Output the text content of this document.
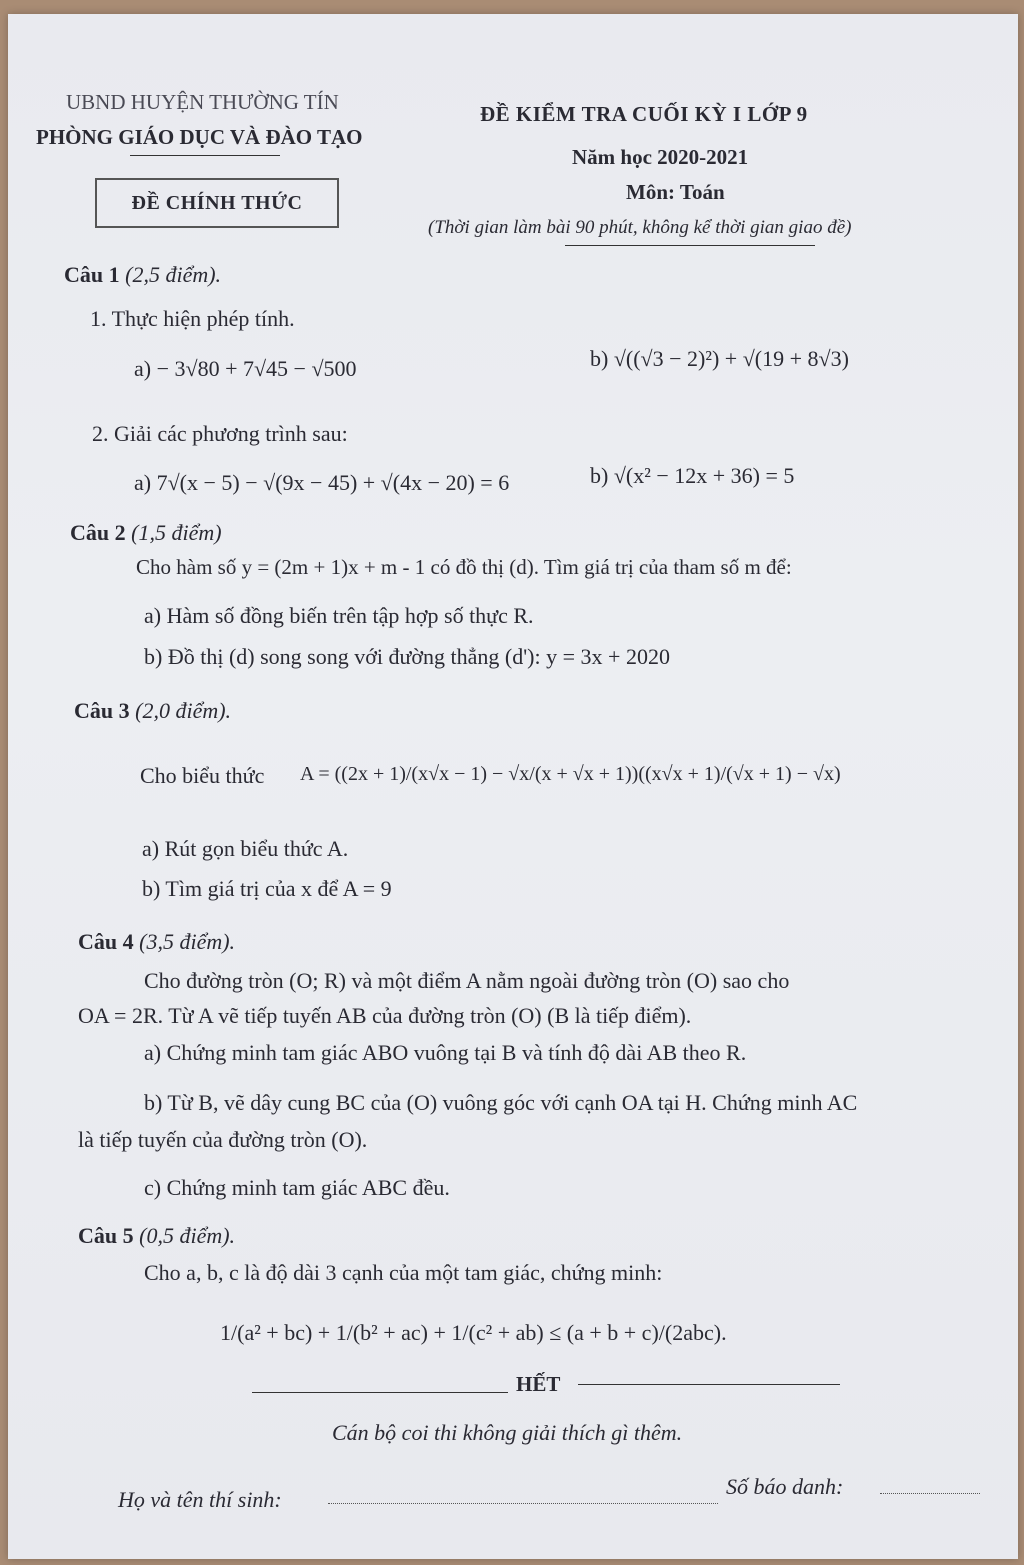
UBND HUYỆN THƯỜNG TÍN
PHÒNG GIÁO DỤC VÀ ĐÀO TẠO
ĐỀ CHÍNH THỨC
ĐỀ KIỂM TRA CUỐI KỲ I LỚP 9
Năm học 2020-2021
Môn: Toán
(Thời gian làm bài 90 phút, không kể thời gian giao đề)
Câu 1 (2,5 điểm).
1. Thực hiện phép tính.
a) − 3√80 + 7√45 − √500	b) √((√3 − 2)²) + √(19 + 8√3)
2. Giải các phương trình sau:
a) 7√(x − 5) − √(9x − 45) + √(4x − 20) = 6	b) √(x² − 12x + 36) = 5
Câu 2 (1,5 điểm)
Cho hàm số y = (2m + 1)x + m - 1 có đồ thị (d). Tìm giá trị của tham số m để:
a) Hàm số đồng biến trên tập hợp số thực R.
b) Đồ thị (d) song song với đường thẳng (d'): y = 3x + 2020
Câu 3 (2,0 điểm).
Cho biểu thức A = ((2x + 1)/(x√x − 1) − √x/(x + √x + 1))((x√x + 1)/(√x + 1) − √x)
a) Rút gọn biểu thức A.
b) Tìm giá trị của x để A = 9
Câu 4 (3,5 điểm).
Cho đường tròn (O; R) và một điểm A nằm ngoài đường tròn (O) sao cho
OA = 2R. Từ A vẽ tiếp tuyến AB của đường tròn (O) (B là tiếp điểm).
a) Chứng minh tam giác ABO vuông tại B và tính độ dài AB theo R.
b) Từ B, vẽ dây cung BC của (O) vuông góc với cạnh OA tại H. Chứng minh AC
là tiếp tuyến của đường tròn (O).
c) Chứng minh tam giác ABC đều.
Câu 5 (0,5 điểm).
Cho a, b, c là độ dài 3 cạnh của một tam giác, chứng minh:
1/(a² + bc) + 1/(b² + ac) + 1/(c² + ab) ≤ (a + b + c)/(2abc).
HẾT
Cán bộ coi thi không giải thích gì thêm.
Họ và tên thí sinh:
Số báo danh:
